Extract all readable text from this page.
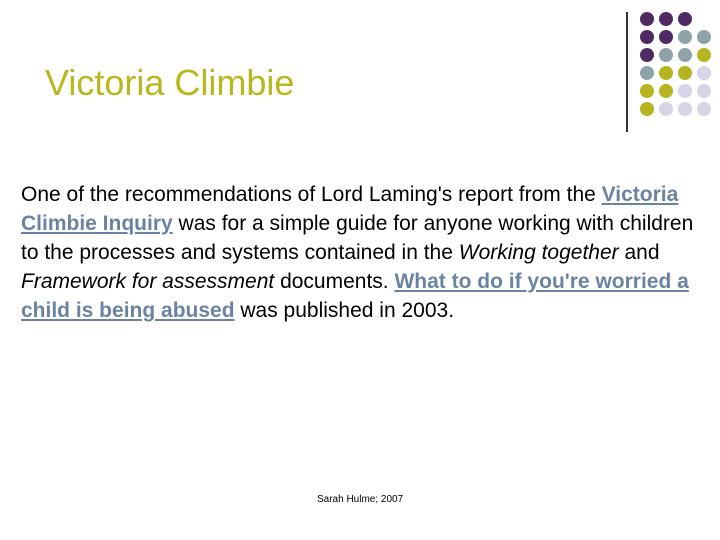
Victoria Climbie
One of the recommendations of Lord Laming's report from the Victoria Climbie Inquiry was for a simple guide for anyone working with children to the processes and systems contained in the Working together and Framework for assessment documents. What to do if you're worried a child is being abused was published in 2003.
Sarah Hulme; 2007
